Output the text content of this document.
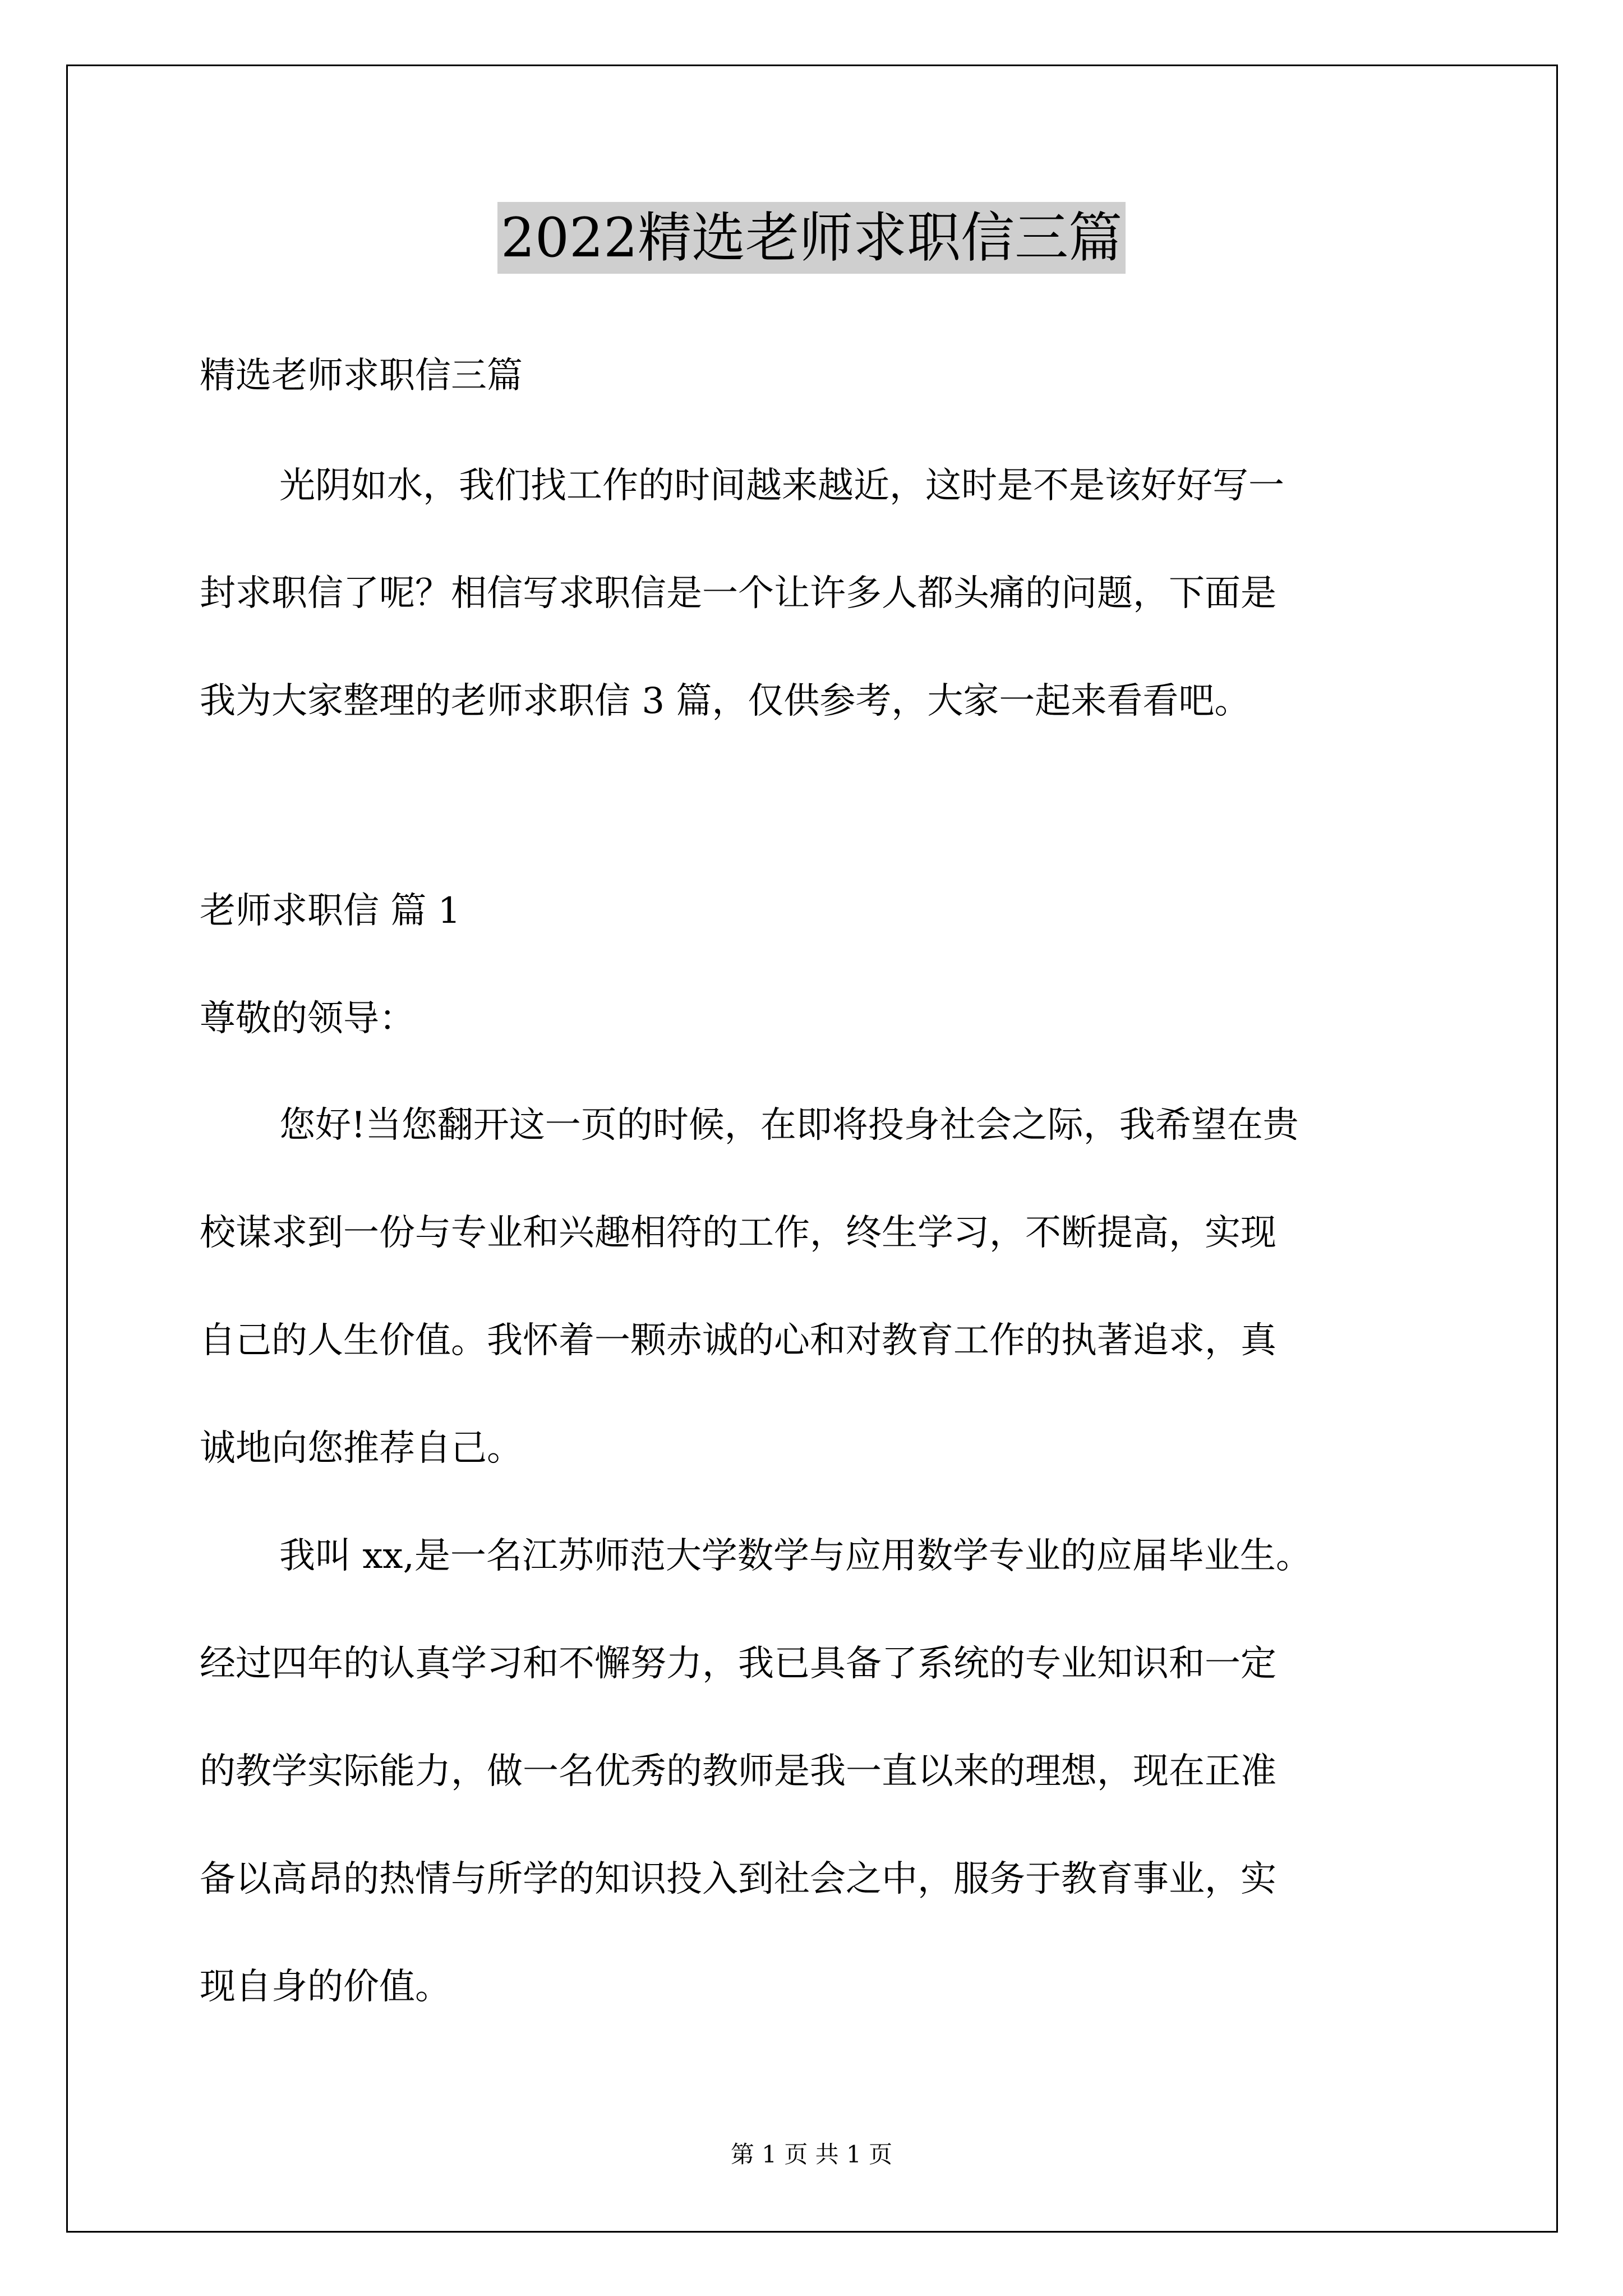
2022精选老师求职信三篇
精选老师求职信三篇
光阴如水，我们找工作的时间越来越近，这时是不是该好好写一
封求职信了呢？相信写求职信是一个让许多人都头痛的问题，下面是
我为大家整理的老师求职信 3 篇，仅供参考，大家一起来看看吧。
老师求职信 篇 1
尊敬的领导：
您好!当您翻开这一页的时候，在即将投身社会之际，我希望在贵
校谋求到一份与专业和兴趣相符的工作，终生学习，不断提高，实现
自己的人生价值。我怀着一颗赤诚的心和对教育工作的执著追求，真
诚地向您推荐自己。
我叫 xx,是一名江苏师范大学数学与应用数学专业的应届毕业生。
经过四年的认真学习和不懈努力，我已具备了系统的专业知识和一定
的教学实际能力，做一名优秀的教师是我一直以来的理想，现在正准
备以高昂的热情与所学的知识投入到社会之中，服务于教育事业，实
现自身的价值。
第 1 页 共 1 页
